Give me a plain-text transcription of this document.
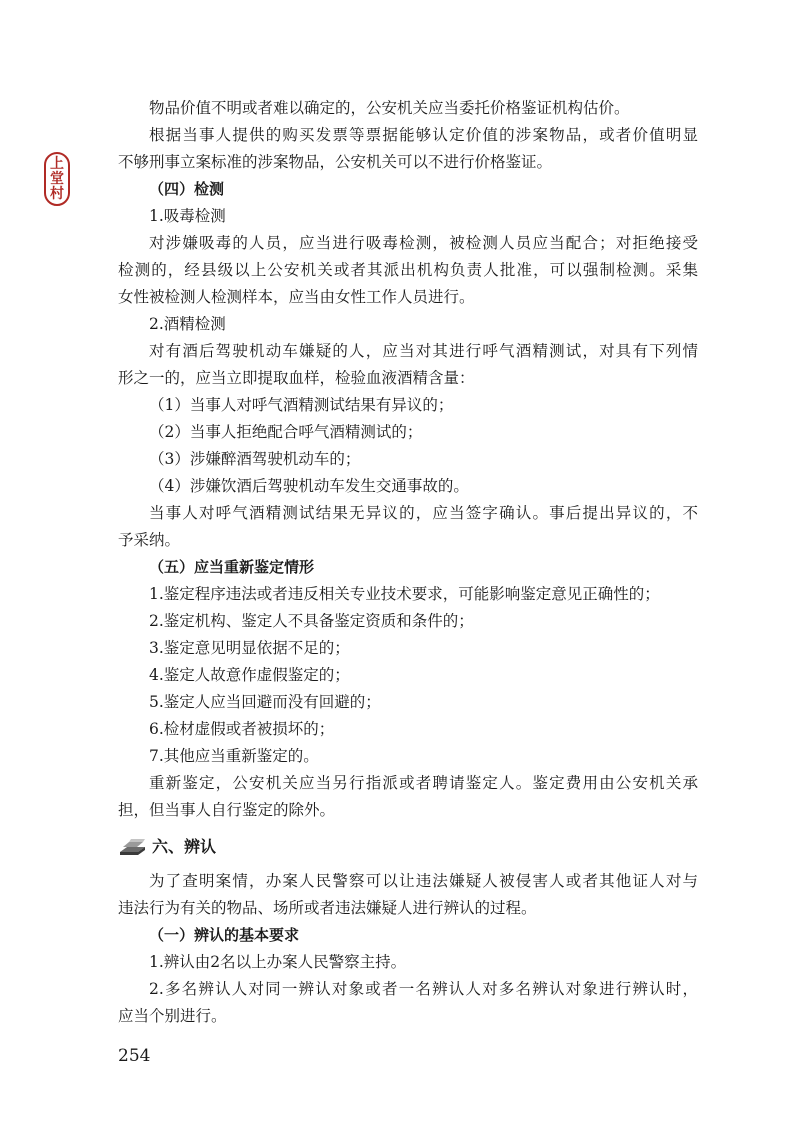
上
堂
村
物品价值不明或者难以确定的，公安机关应当委托价格鉴证机构估价。
根据当事人提供的购买发票等票据能够认定价值的涉案物品，或者价值明显
不够刑事立案标准的涉案物品，公安机关可以不进行价格鉴证。
（四）检测
1.吸毒检测
对涉嫌吸毒的人员，应当进行吸毒检测，被检测人员应当配合；对拒绝接受
检测的，经县级以上公安机关或者其派出机构负责人批准，可以强制检测。采集
女性被检测人检测样本，应当由女性工作人员进行。
2.酒精检测
对有酒后驾驶机动车嫌疑的人，应当对其进行呼气酒精测试，对具有下列情
形之一的，应当立即提取血样，检验血液酒精含量：
（1）当事人对呼气酒精测试结果有异议的；
（2）当事人拒绝配合呼气酒精测试的；
（3）涉嫌醉酒驾驶机动车的；
（4）涉嫌饮酒后驾驶机动车发生交通事故的。
当事人对呼气酒精测试结果无异议的，应当签字确认。事后提出异议的，不
予采纳。
（五）应当重新鉴定情形
1.鉴定程序违法或者违反相关专业技术要求，可能影响鉴定意见正确性的；
2.鉴定机构、鉴定人不具备鉴定资质和条件的；
3.鉴定意见明显依据不足的；
4.鉴定人故意作虚假鉴定的；
5.鉴定人应当回避而没有回避的；
6.检材虚假或者被损坏的；
7.其他应当重新鉴定的。
重新鉴定，公安机关应当另行指派或者聘请鉴定人。鉴定费用由公安机关承
担，但当事人自行鉴定的除外。
六、辨认
为了查明案情，办案人民警察可以让违法嫌疑人被侵害人或者其他证人对与
违法行为有关的物品、场所或者违法嫌疑人进行辨认的过程。
（一）辨认的基本要求
1.辨认由2名以上办案人民警察主持。
2.多名辨认人对同一辨认对象或者一名辨认人对多名辨认对象进行辨认时，
应当个别进行。
254
